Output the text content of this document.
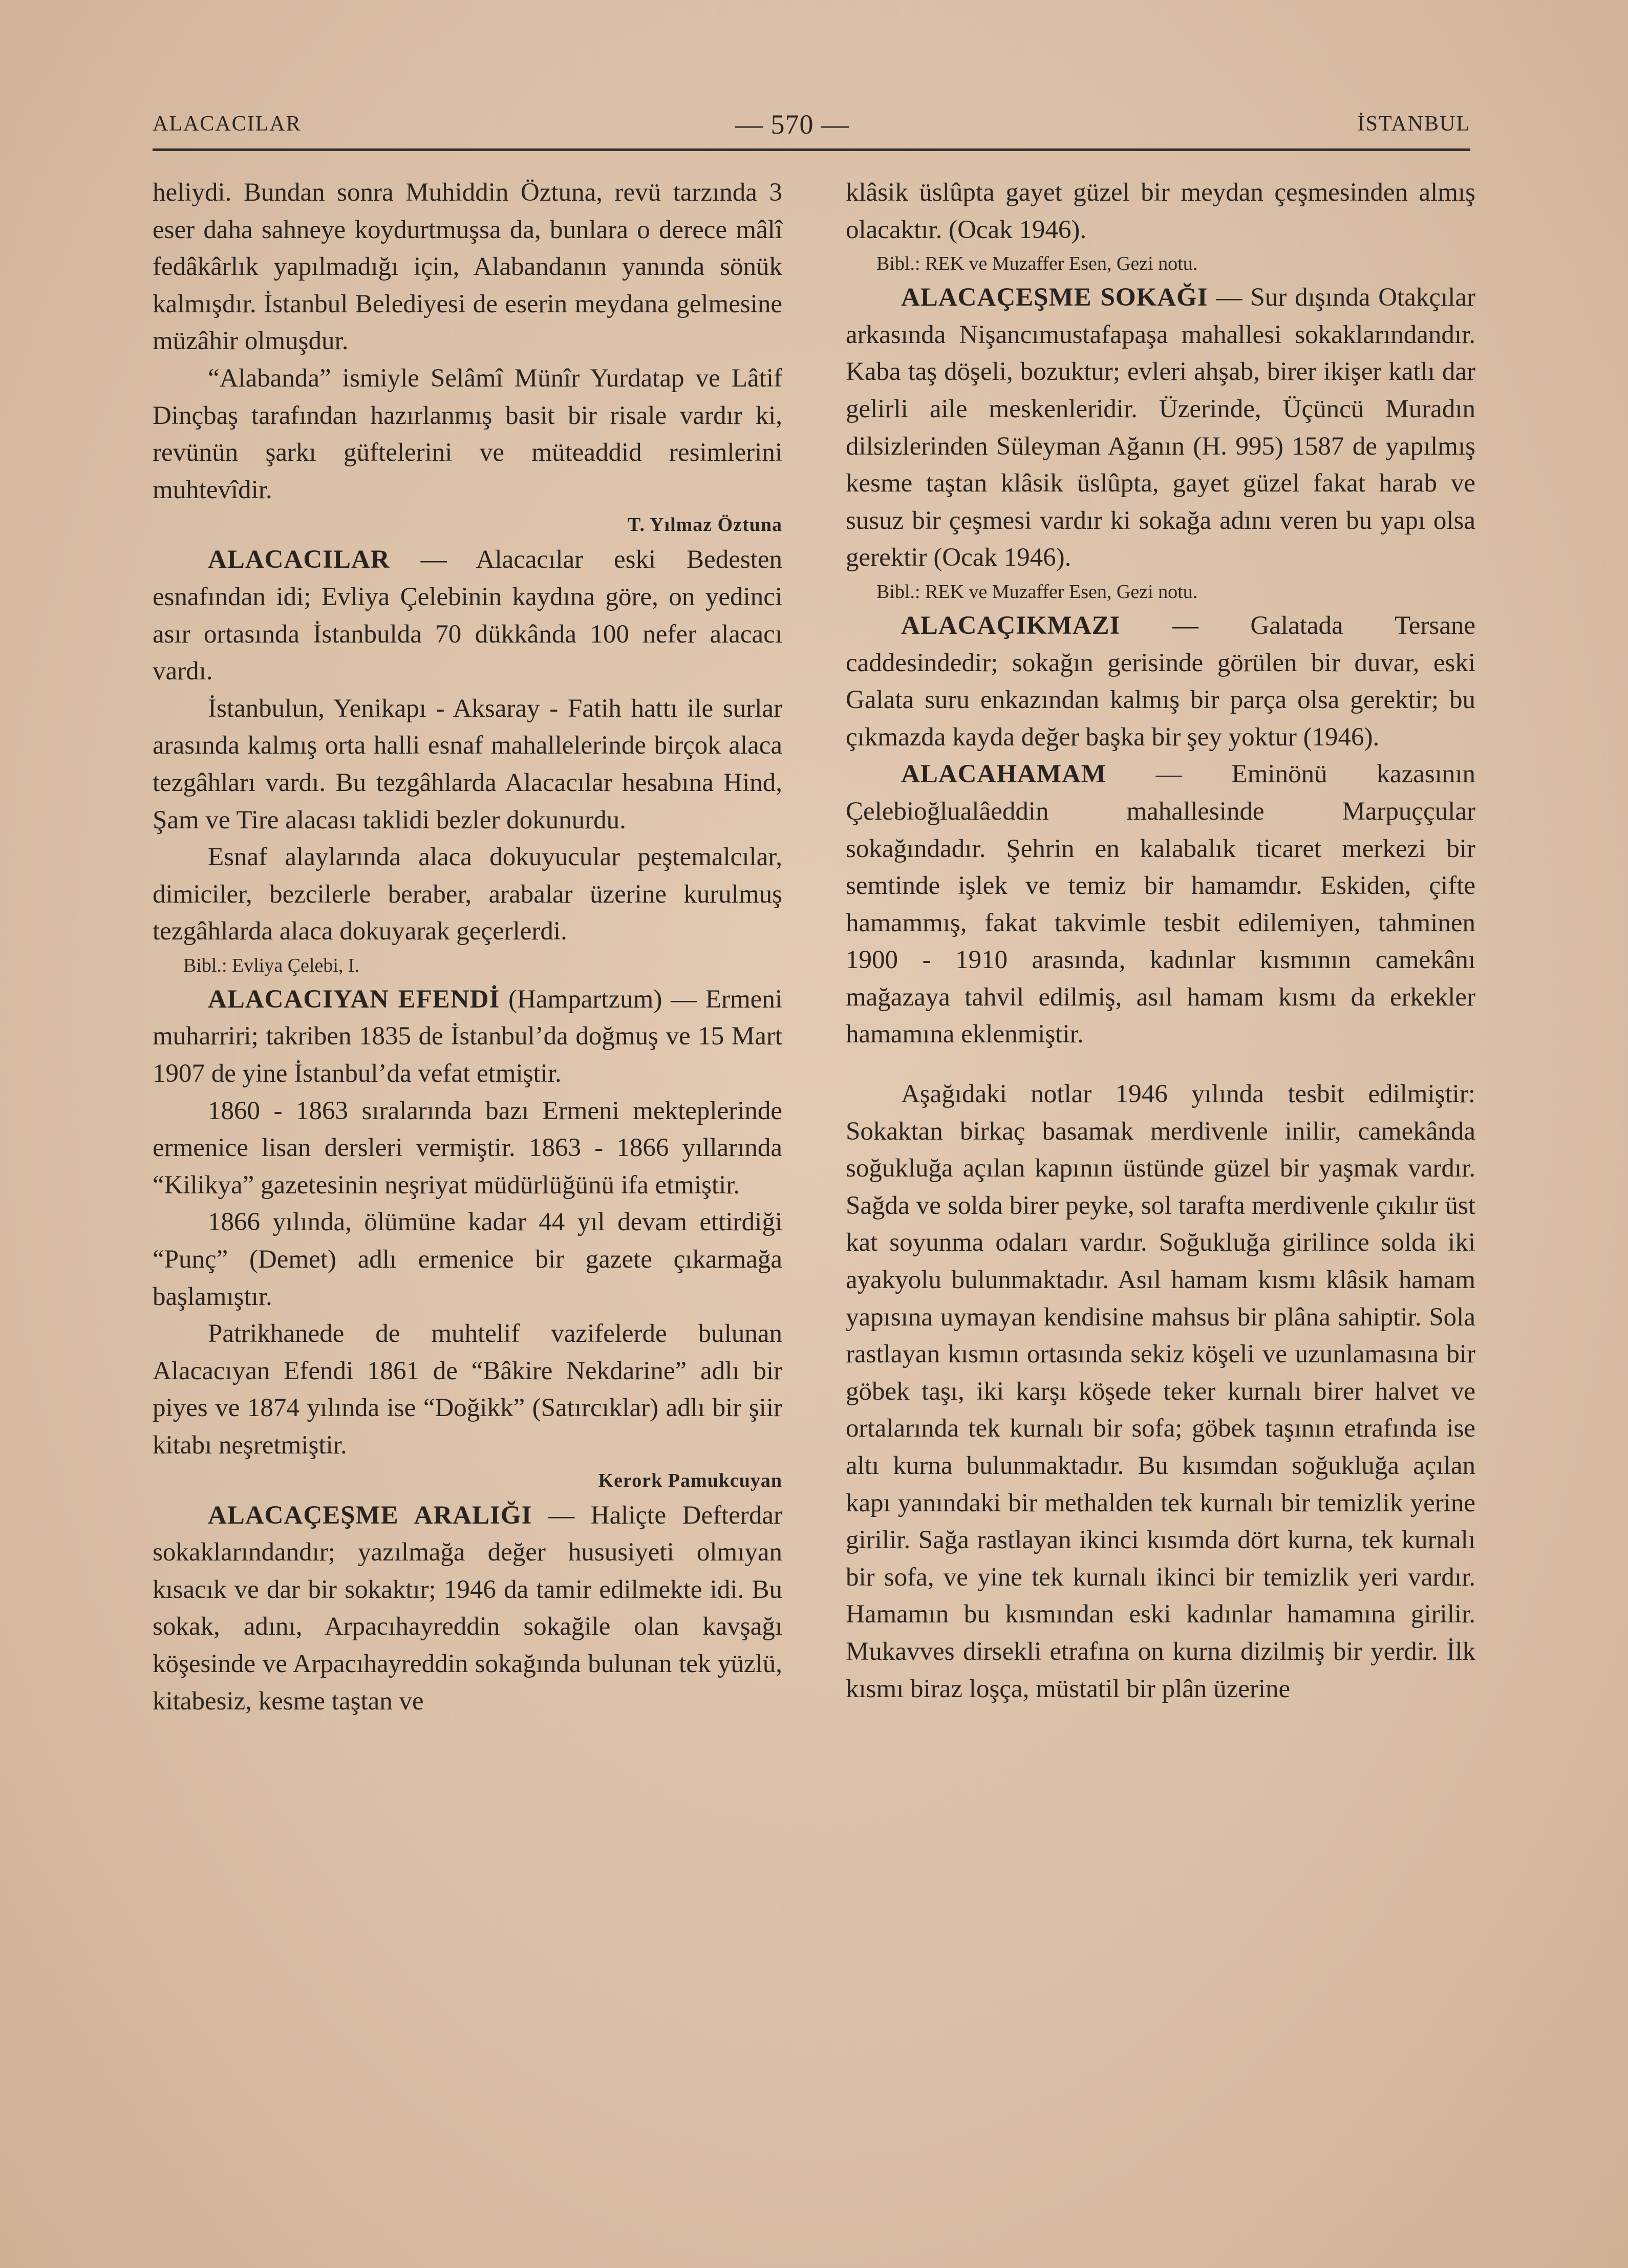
ALACACILAR	— 570 —	İSTANBUL

heliydi. Bundan sonra Muhiddin Öztuna, revü tarzında 3 eser daha sahneye koydurtmuşsa da, bunlara o derece mâlî fedâkârlık yapılmadığı için, Alabandanın yanında sönük kalmışdır. İstanbul Belediyesi de eserin meydana gelmesine müzâhir olmuşdur.

“Alabanda” ismiyle Selâmî Münîr Yurdatap ve Lâtif Dinçbaş tarafından hazırlanmış basit bir risale vardır ki, revünün şarkı güftelerini ve müteaddid resimlerini muhtevîdir.

T. Yılmaz Öztuna

ALACACILAR — Alacacılar eski Bedesten esnafından idi; Evliya Çelebinin kaydına göre, on yedinci asır ortasında İstanbulda 70 dükkânda 100 nefer alacacı vardı.

İstanbulun, Yenikapı - Aksaray - Fatih hattı ile surlar arasında kalmış orta halli esnaf mahallelerinde birçok alaca tezgâhları vardı. Bu tezgâhlarda Alacacılar hesabına Hind, Şam ve Tire alacası taklidi bezler dokunurdu.

Esnaf alaylarında alaca dokuyucular peştemalcılar, dimiciler, bezcilerle beraber, arabalar üzerine kurulmuş tezgâhlarda alaca dokuyarak geçerlerdi.

Bibl.: Evliya Çelebi, I.

ALACACIYAN EFENDİ (Hampartzum) — Ermeni muharriri; takriben 1835 de İstanbul’da doğmuş ve 15 Mart 1907 de yine İstanbul’da vefat etmiştir.

1860 - 1863 sıralarında bazı Ermeni mekteplerinde ermenice lisan dersleri vermiştir. 1863 - 1866 yıllarında “Kilikya” gazetesinin neşriyat müdürlüğünü ifa etmiştir.

1866 yılında, ölümüne kadar 44 yıl devam ettirdiği “Punç” (Demet) adlı ermenice bir gazete çıkarmağa başlamıştır.

Patrikhanede de muhtelif vazifelerde bulunan Alacacıyan Efendi 1861 de “Bâkire Nekdarine” adlı bir piyes ve 1874 yılında ise “Doğikk” (Satırcıklar) adlı bir şiir kitabı neşretmiştir.

Kerork Pamukcuyan

ALACAÇEŞME ARALIĞI — Haliçte Defterdar sokaklarındandır; yazılmağa değer hususiyeti olmıyan kısacık ve dar bir sokaktır; 1946 da tamir edilmekte idi. Bu sokak, adını, Arpacıhayreddin sokağile olan kavşağı köşesinde ve Arpacıhayreddin sokağında bulunan tek yüzlü, kitabesiz, kesme taştan ve

klâsik üslûpta gayet güzel bir meydan çeşmesinden almış olacaktır. (Ocak 1946).

Bibl.: REK ve Muzaffer Esen, Gezi notu.

ALACAÇEŞME SOKAĞI — Sur dışında Otakçılar arkasında Nişancımustafapaşa mahallesi sokaklarındandır. Kaba taş döşeli, bozuktur; evleri ahşab, birer ikişer katlı dar gelirli aile meskenleridir. Üzerinde, Üçüncü Muradın dilsizlerinden Süleyman Ağanın (H. 995) 1587 de yapılmış kesme taştan klâsik üslûpta, gayet güzel fakat harab ve susuz bir çeşmesi vardır ki sokağa adını veren bu yapı olsa gerektir (Ocak 1946).

Bibl.: REK ve Muzaffer Esen, Gezi notu.

ALACAÇIKMAZI — Galatada Tersane caddesindedir; sokağın gerisinde görülen bir duvar, eski Galata suru enkazından kalmış bir parça olsa gerektir; bu çıkmazda kayda değer başka bir şey yoktur (1946).

ALACAHAMAM — Eminönü kazasının Çelebioğlualâeddin mahallesinde Marpuççular sokağındadır. Şehrin en kalabalık ticaret merkezi bir semtinde işlek ve temiz bir hamamdır. Eskiden, çifte hamammış, fakat takvimle tesbit edilemiyen, tahminen 1900 - 1910 arasında, kadınlar kısmının camekânı mağazaya tahvil edilmiş, asıl hamam kısmı da erkekler hamamına eklenmiştir.

Aşağıdaki notlar 1946 yılında tesbit edilmiştir: Sokaktan birkaç basamak merdivenle inilir, camekânda soğukluğa açılan kapının üstünde güzel bir yaşmak vardır. Sağda ve solda birer peyke, sol tarafta merdivenle çıkılır üst kat soyunma odaları vardır. Soğukluğa girilince solda iki ayakyolu bulunmaktadır. Asıl hamam kısmı klâsik hamam yapısına uymayan kendisine mahsus bir plâna sahiptir. Sola rastlayan kısmın ortasında sekiz köşeli ve uzunlamasına bir göbek taşı, iki karşı köşede teker kurnalı birer halvet ve ortalarında tek kurnalı bir sofa; göbek taşının etrafında ise altı kurna bulunmaktadır. Bu kısımdan soğukluğa açılan kapı yanındaki bir methalden tek kurnalı bir temizlik yerine girilir. Sağa rastlayan ikinci kısımda dört kurna, tek kurnalı bir sofa, ve yine tek kurnalı ikinci bir temizlik yeri vardır. Hamamın bu kısmından eski kadınlar hamamına girilir. Mukavves dirsekli etrafına on kurna dizilmiş bir yerdir. İlk kısmı biraz loşça, müstatil bir plân üzerine
